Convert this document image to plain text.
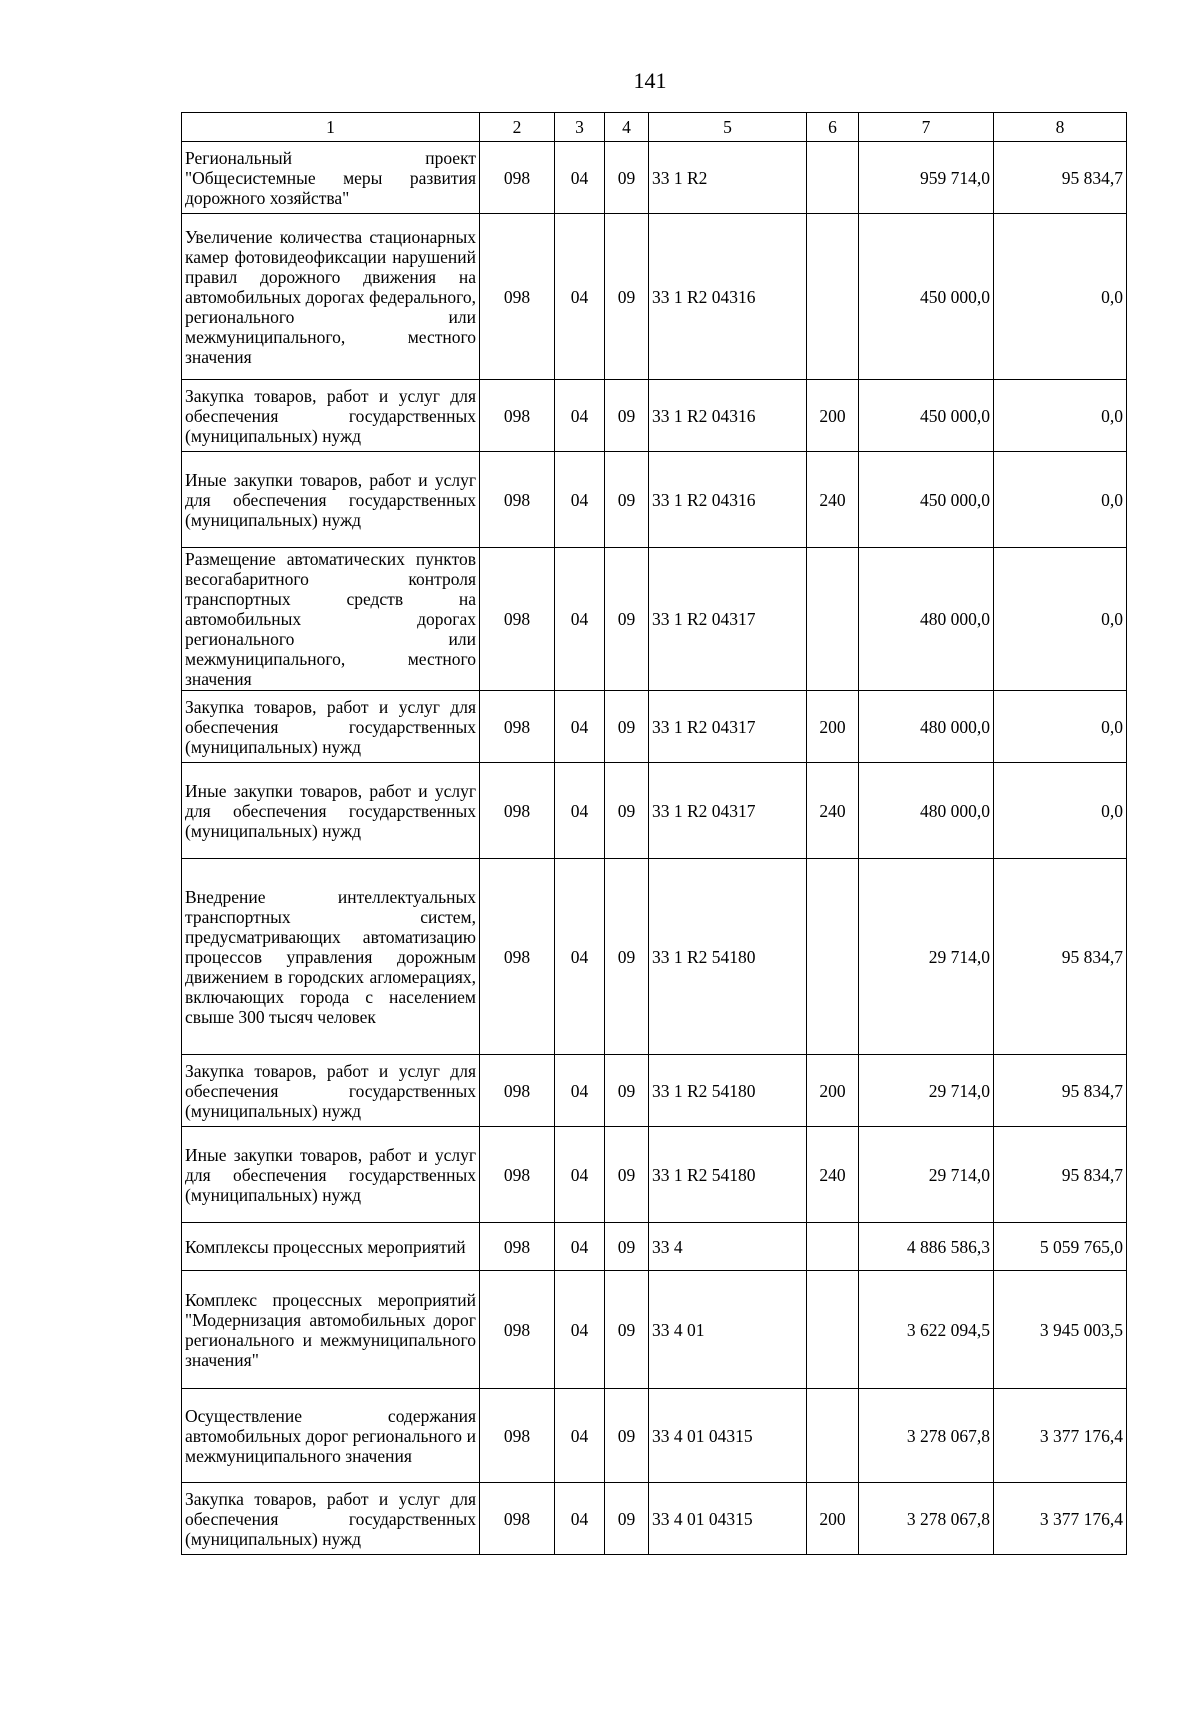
141
1	2	3	4	5	6	7	8
Региональный проект "Общесистемные меры развития дорожного хозяйства"	098	04	09	33 1 R2		959 714,0	95 834,7
Увеличение количества стационарных камер фотовидеофиксации нарушений правил дорожного движения на автомобильных дорогах федерального, регионального или межмуниципального, местного значения	098	04	09	33 1 R2 04316		450 000,0	0,0
Закупка товаров, работ и услуг для обеспечения государственных (муниципальных) нужд	098	04	09	33 1 R2 04316	200	450 000,0	0,0
Иные закупки товаров, работ и услуг для обеспечения государственных (муниципальных) нужд	098	04	09	33 1 R2 04316	240	450 000,0	0,0
Размещение автоматических пунктов весогабаритного контроля транспортных средств на автомобильных дорогах регионального или межмуниципального, местного значения	098	04	09	33 1 R2 04317		480 000,0	0,0
Закупка товаров, работ и услуг для обеспечения государственных (муниципальных) нужд	098	04	09	33 1 R2 04317	200	480 000,0	0,0
Иные закупки товаров, работ и услуг для обеспечения государственных (муниципальных) нужд	098	04	09	33 1 R2 04317	240	480 000,0	0,0
Внедрение интеллектуальных транспортных систем, предусматривающих автоматизацию процессов управления дорожным движением в городских агломерациях, включающих города с населением свыше 300 тысяч человек	098	04	09	33 1 R2 54180		29 714,0	95 834,7
Закупка товаров, работ и услуг для обеспечения государственных (муниципальных) нужд	098	04	09	33 1 R2 54180	200	29 714,0	95 834,7
Иные закупки товаров, работ и услуг для обеспечения государственных (муниципальных) нужд	098	04	09	33 1 R2 54180	240	29 714,0	95 834,7
Комплексы процессных мероприятий	098	04	09	33 4		4 886 586,3	5 059 765,0
Комплекс процессных мероприятий "Модернизация автомобильных дорог регионального и межмуниципального значения"	098	04	09	33 4 01		3 622 094,5	3 945 003,5
Осуществление содержания автомобильных дорог регионального и межмуниципального значения	098	04	09	33 4 01 04315		3 278 067,8	3 377 176,4
Закупка товаров, работ и услуг для обеспечения государственных (муниципальных) нужд	098	04	09	33 4 01 04315	200	3 278 067,8	3 377 176,4
